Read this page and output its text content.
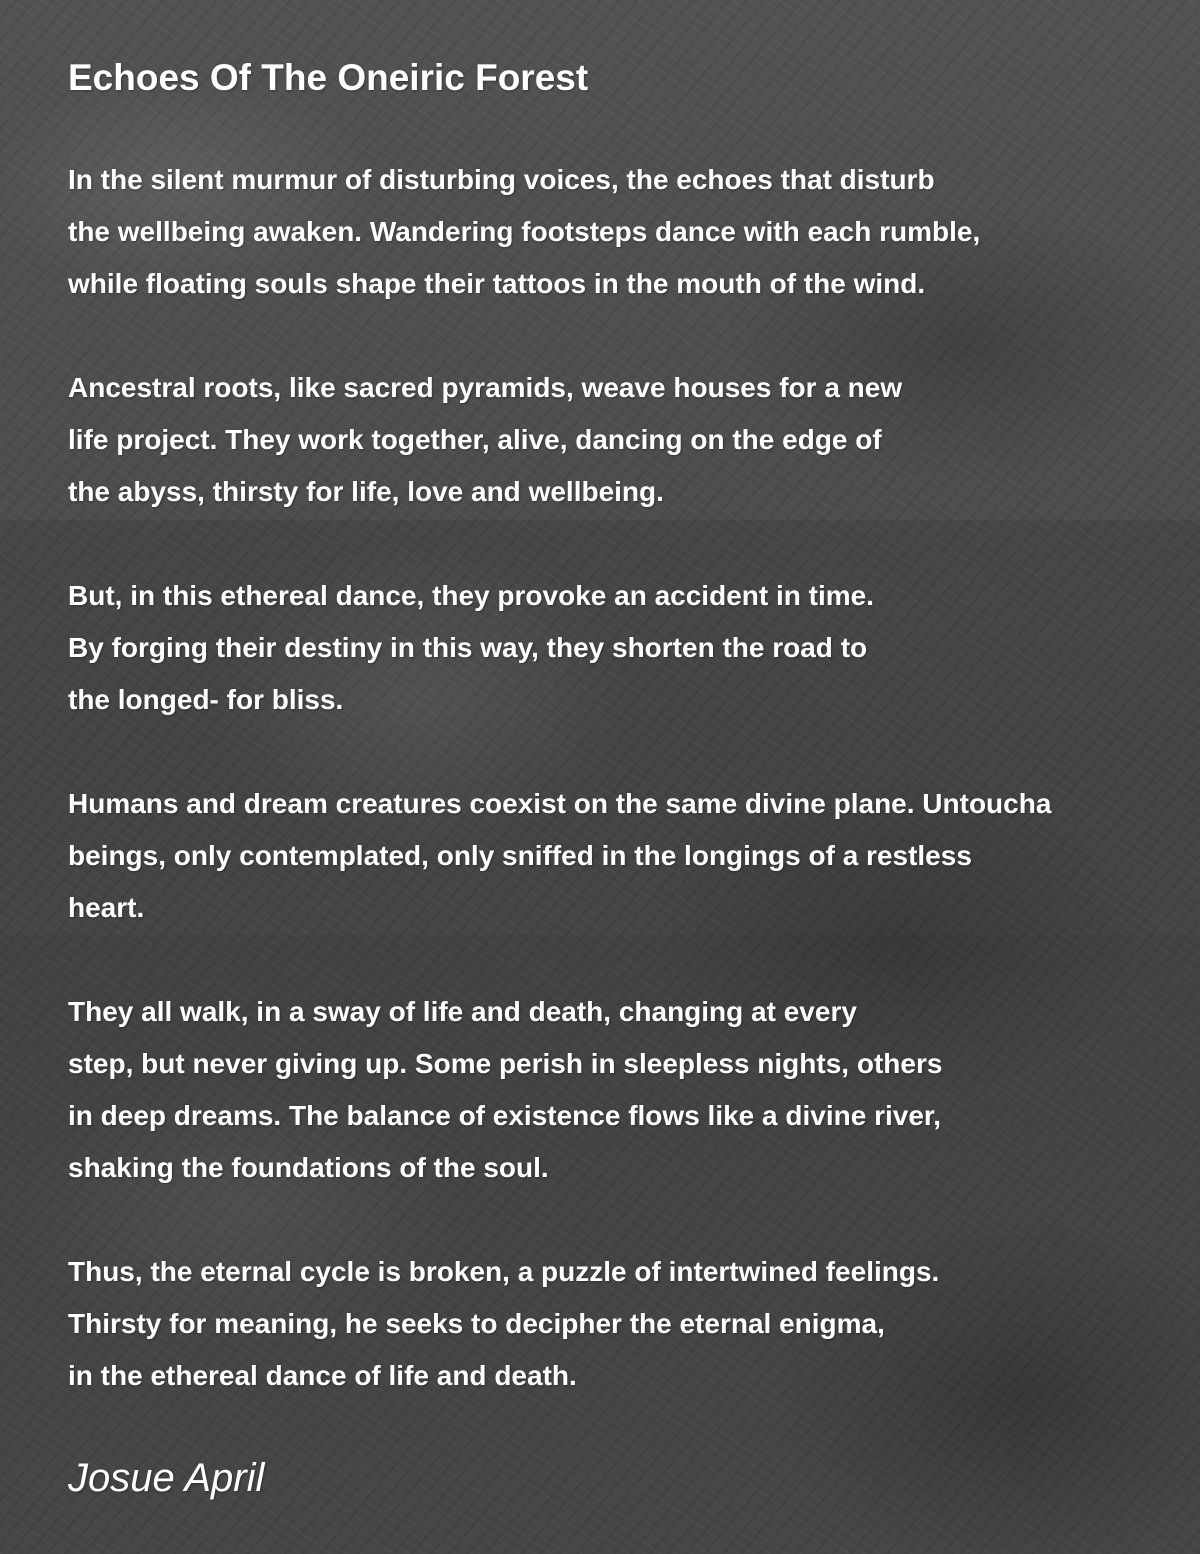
Echoes Of The Oneiric Forest

In the silent murmur of disturbing voices, the echoes that disturb
the wellbeing awaken. Wandering footsteps dance with each rumble,
while floating souls shape their tattoos in the mouth of the wind.

Ancestral roots, like sacred pyramids, weave houses for a new
life project. They work together, alive, dancing on the edge of
the abyss, thirsty for life, love and wellbeing.

But, in this ethereal dance, they provoke an accident in time.
By forging their destiny in this way, they shorten the road to
the longed- for bliss.

Humans and dream creatures coexist on the same divine plane. Untoucha
beings, only contemplated, only sniffed in the longings of a restless
heart.

They all walk, in a sway of life and death, changing at every
step, but never giving up. Some perish in sleepless nights, others
in deep dreams. The balance of existence flows like a divine river,
shaking the foundations of the soul.

Thus, the eternal cycle is broken, a puzzle of intertwined feelings.
Thirsty for meaning, he seeks to decipher the eternal enigma,
in the ethereal dance of life and death.

Josue April
